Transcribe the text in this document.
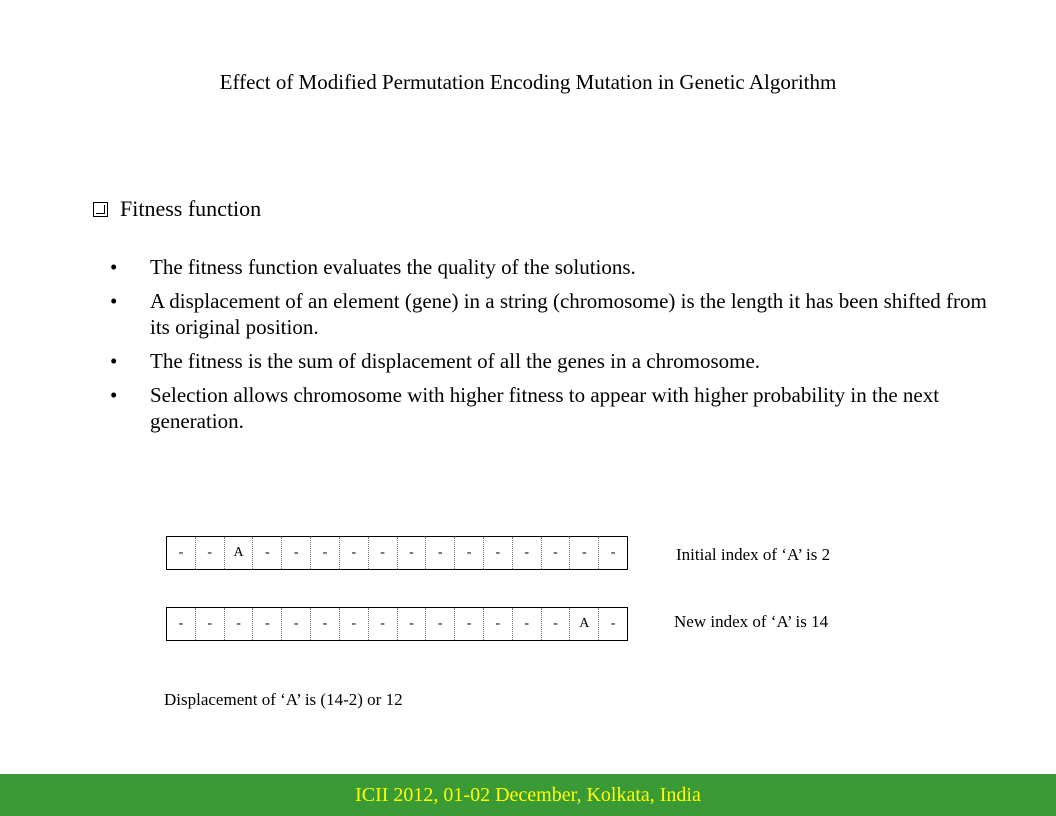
Effect of Modified Permutation Encoding Mutation in Genetic Algorithm
Fitness function
• The fitness function evaluates the quality of the solutions.
• A displacement of an element (gene) in a string (chromosome) is the length it has been shifted from its original position.
• The fitness is the sum of displacement of all the genes in a chromosome.
• Selection allows chromosome with higher fitness to appear with higher probability in the next generation.
-	-	A	-	-	-	-	-	-	-	-	-	-	-	-	-	Initial index of ‘A’ is 2
-	-	-	-	-	-	-	-	-	-	-	-	-	-	A	-	New index of ‘A’ is 14
Displacement of ‘A’ is (14-2) or 12
ICII 2012, 01-02 December, Kolkata, India
